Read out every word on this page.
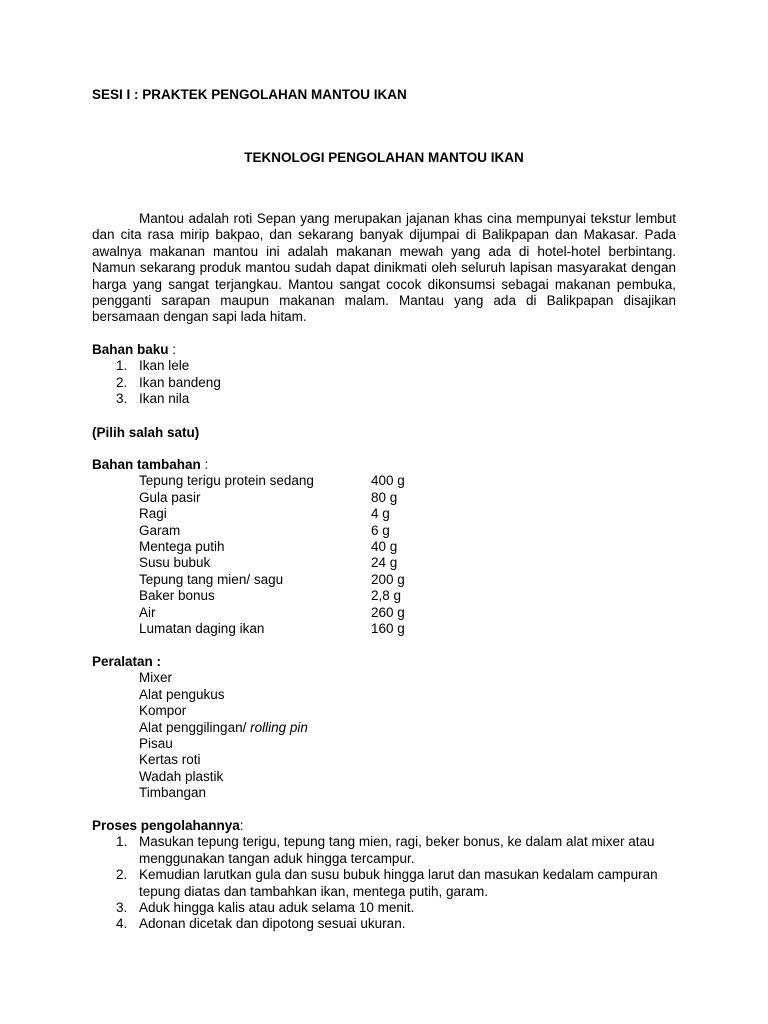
SESI I : PRAKTEK PENGOLAHAN MANTOU IKAN
TEKNOLOGI PENGOLAHAN MANTOU IKAN
Mantou adalah roti Sepan yang merupakan jajanan khas cina mempunyai tekstur lembut dan cita rasa mirip bakpao, dan sekarang banyak dijumpai di Balikpapan dan Makasar. Pada awalnya makanan mantou ini adalah makanan mewah yang ada di hotel-hotel berbintang. Namun sekarang produk mantou sudah dapat dinikmati oleh seluruh lapisan masyarakat dengan harga yang sangat terjangkau. Mantou sangat cocok dikonsumsi sebagai makanan pembuka, pengganti sarapan maupun makanan malam. Mantau yang ada di Balikpapan disajikan bersamaan dengan sapi lada hitam.
Bahan baku :
1. Ikan lele
2. Ikan bandeng
3. Ikan nila
(Pilih salah satu)
Bahan tambahan :
Tepung terigu protein sedang	400 g
Gula pasir	80 g
Ragi	4 g
Garam	6 g
Mentega putih	40 g
Susu bubuk	24 g
Tepung tang mien/ sagu	200 g
Baker bonus	2,8 g
Air	260 g
Lumatan daging ikan	160 g
Peralatan :
Mixer
Alat pengukus
Kompor
Alat penggilingan/ rolling pin
Pisau
Kertas roti
Wadah plastik
Timbangan
Proses pengolahannya:
1. Masukan tepung terigu, tepung tang mien, ragi, beker bonus, ke dalam alat mixer atau menggunakan tangan aduk hingga tercampur.
2. Kemudian larutkan gula dan susu bubuk hingga larut dan masukan kedalam campuran tepung diatas dan tambahkan ikan, mentega putih, garam.
3. Aduk hingga kalis atau aduk selama 10 menit.
4. Adonan dicetak dan dipotong sesuai ukuran.
